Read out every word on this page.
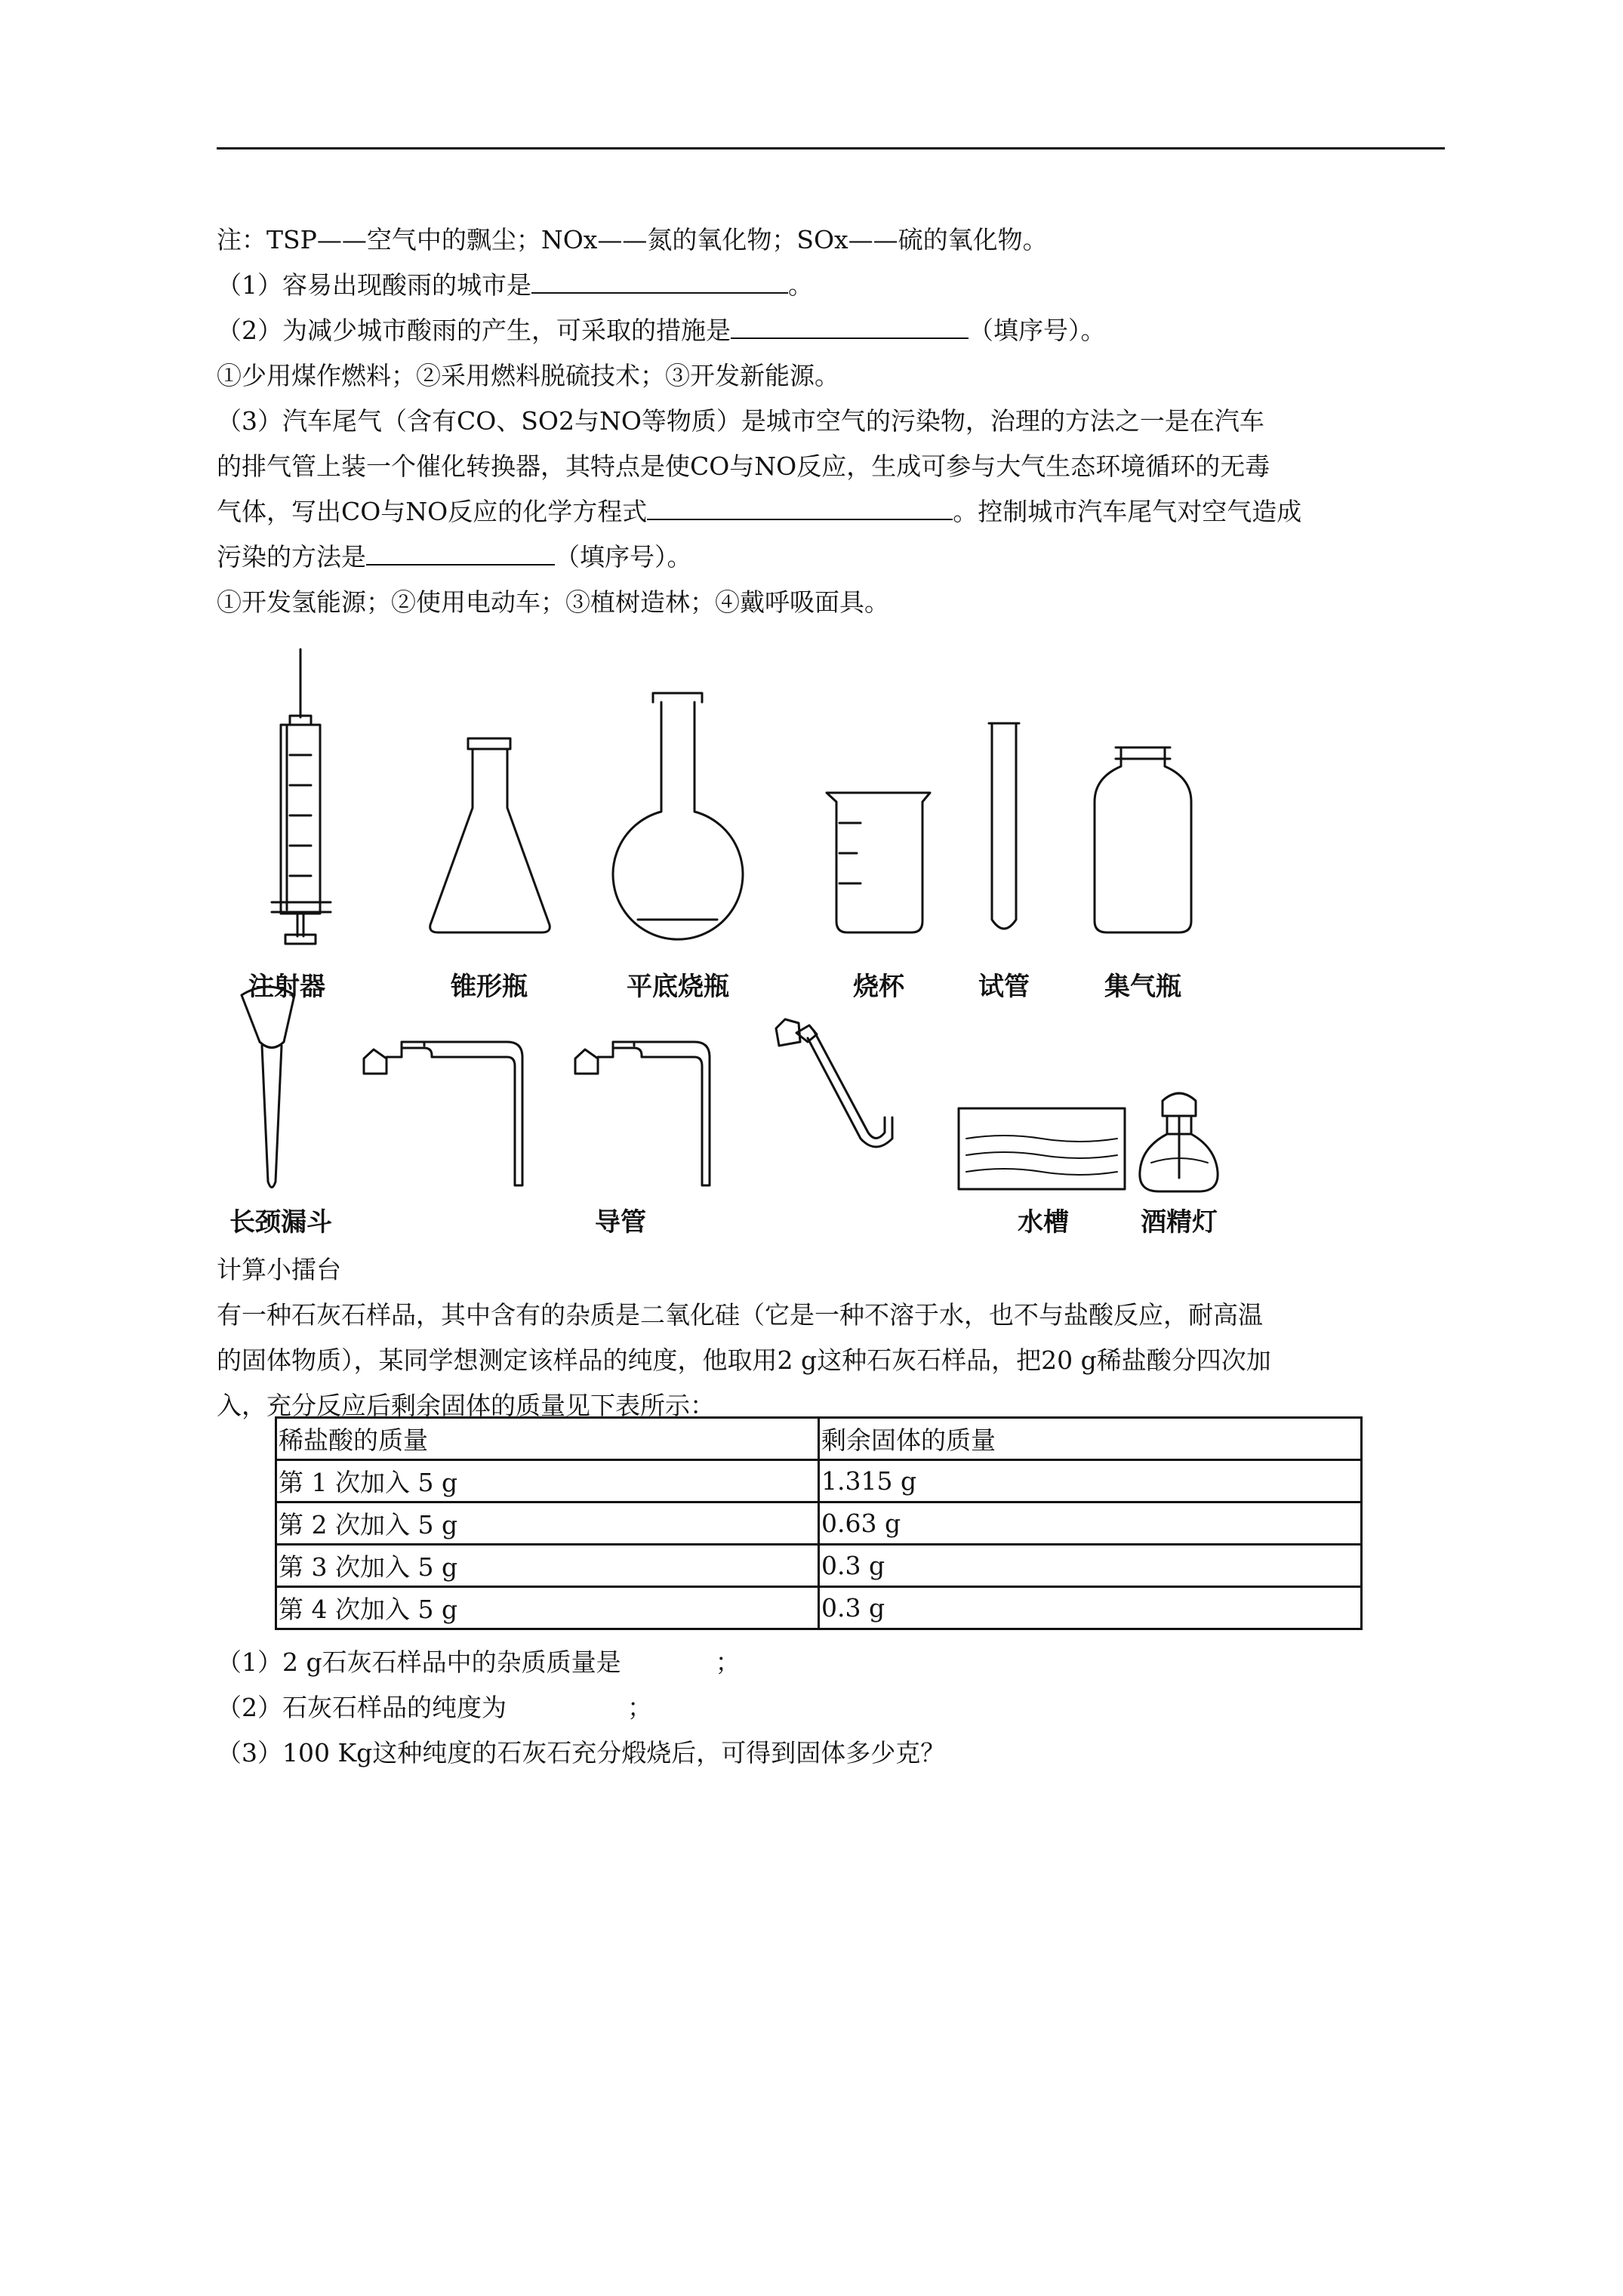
注：TSP——空气中的飘尘；NOx——氮的氧化物；SOx——硫的氧化物。
（1）容易出现酸雨的城市是	。
（2）为减少城市酸雨的产生，可采取的措施是	（填序号）。
①少用煤作燃料；②采用燃料脱硫技术；③开发新能源。
（3）汽车尾气（含有CO、SO2与NO等物质）是城市空气的污染物，治理的方法之一是在汽车
的排气管上装一个催化转换器，其特点是使CO与NO反应，生成可参与大气生态环境循环的无毒
气体，写出CO与NO反应的化学方程式	。控制城市汽车尾气对空气造成
污染的方法是	（填序号）。
①开发氢能源；②使用电动车；③植树造林；④戴呼吸面具。
注射器	锥形瓶	平底烧瓶	烧杯	试管	集气瓶
长颈漏斗	导管	水槽	酒精灯
计算小擂台
有一种石灰石样品，其中含有的杂质是二氧化硅（它是一种不溶于水，也不与盐酸反应，耐高温
的固体物质），某同学想测定该样品的纯度，他取用2 g这种石灰石样品，把20 g稀盐酸分四次加
入，充分反应后剩余固体的质量见下表所示：
稀盐酸的质量	剩余固体的质量
第 1 次加入 5 g	1.315 g
第 2 次加入 5 g	0.63 g
第 3 次加入 5 g	0.3 g
第 4 次加入 5 g	0.3 g
（1）2 g石灰石样品中的杂质质量是	；
（2）石灰石样品的纯度为	；
（3）100 Kg这种纯度的石灰石充分煅烧后，可得到固体多少克？
